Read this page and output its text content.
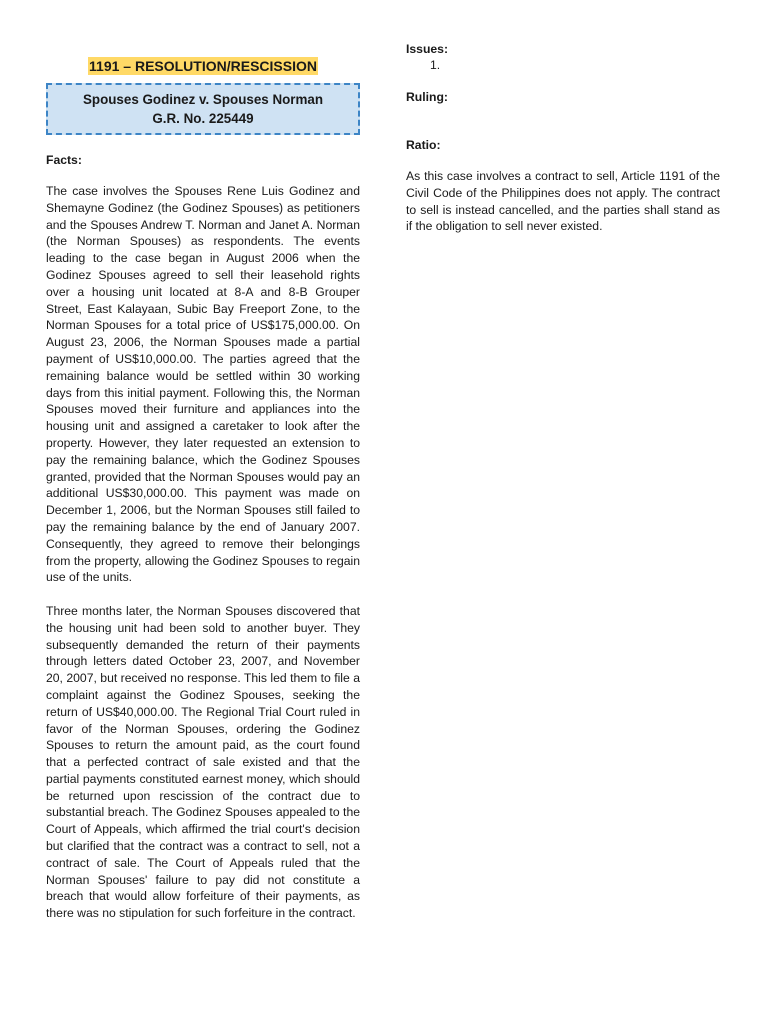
1191 – RESOLUTION/RESCISSION
Spouses Godinez v. Spouses Norman
G.R. No. 225449
Facts:

The case involves the Spouses Rene Luis Godinez and Shemayne Godinez (the Godinez Spouses) as petitioners and the Spouses Andrew T. Norman and Janet A. Norman (the Norman Spouses) as respondents. The events leading to the case began in August 2006 when the Godinez Spouses agreed to sell their leasehold rights over a housing unit located at 8-A and 8-B Grouper Street, East Kalayaan, Subic Bay Freeport Zone, to the Norman Spouses for a total price of US$175,000.00. On August 23, 2006, the Norman Spouses made a partial payment of US$10,000.00. The parties agreed that the remaining balance would be settled within 30 working days from this initial payment. Following this, the Norman Spouses moved their furniture and appliances into the housing unit and assigned a caretaker to look after the property. However, they later requested an extension to pay the remaining balance, which the Godinez Spouses granted, provided that the Norman Spouses would pay an additional US$30,000.00. This payment was made on December 1, 2006, but the Norman Spouses still failed to pay the remaining balance by the end of January 2007. Consequently, they agreed to remove their belongings from the property, allowing the Godinez Spouses to regain use of the units.

Three months later, the Norman Spouses discovered that the housing unit had been sold to another buyer. They subsequently demanded the return of their payments through letters dated October 23, 2007, and November 20, 2007, but received no response. This led them to file a complaint against the Godinez Spouses, seeking the return of US$40,000.00. The Regional Trial Court ruled in favor of the Norman Spouses, ordering the Godinez Spouses to return the amount paid, as the court found that a perfected contract of sale existed and that the partial payments constituted earnest money, which should be returned upon rescission of the contract due to substantial breach. The Godinez Spouses appealed to the Court of Appeals, which affirmed the trial court's decision but clarified that the contract was a contract to sell, not a contract of sale. The Court of Appeals ruled that the Norman Spouses' failure to pay did not constitute a breach that would allow forfeiture of their payments, as there was no stipulation for such forfeiture in the contract.

Issues:
1.
Ruling:
Ratio:

As this case involves a contract to sell, Article 1191 of the Civil Code of the Philippines does not apply. The contract to sell is instead cancelled, and the parties shall stand as if the obligation to sell never existed.
